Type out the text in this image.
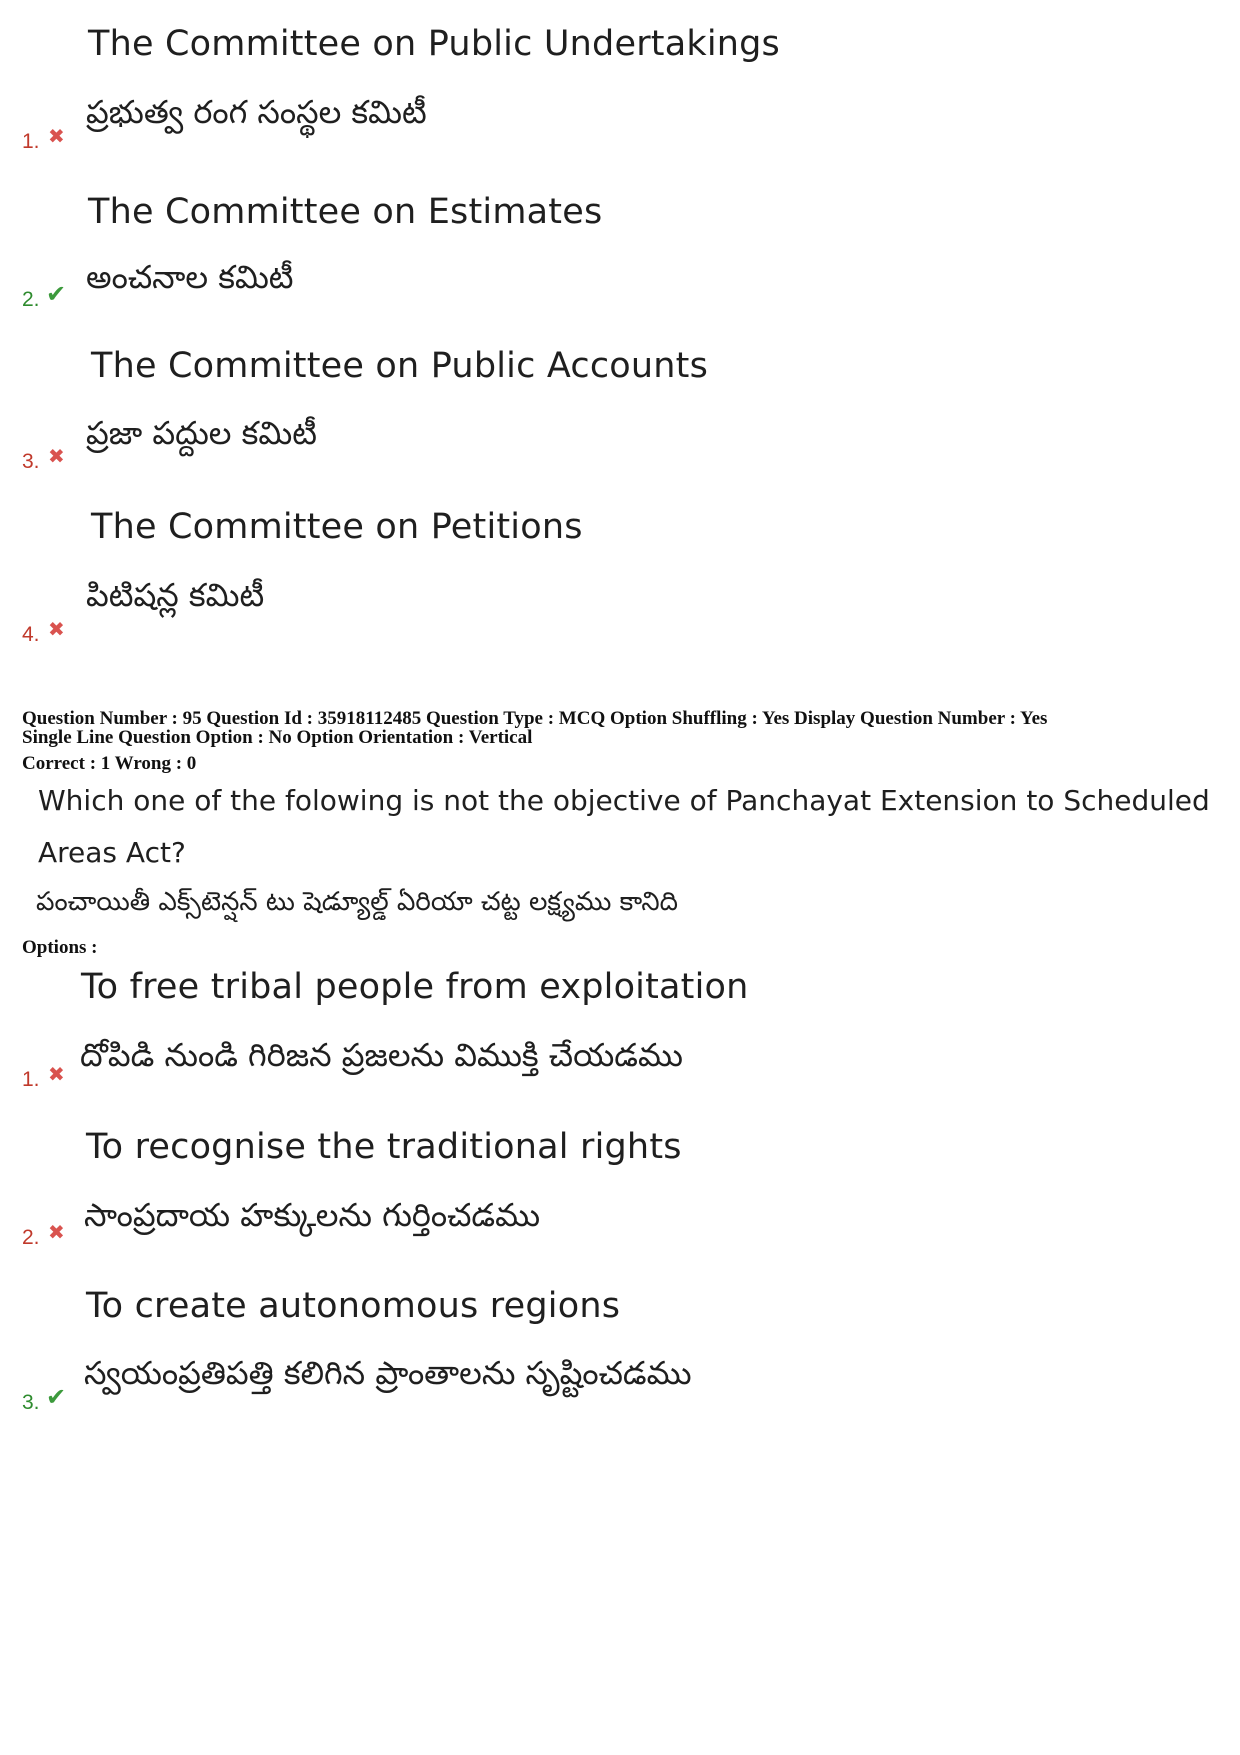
The Committee on Public Undertakings
ప్రభుత్వ రంగ సంస్థల కమిటీ
1. ✖
The Committee on Estimates
అంచనాల కమిటీ
2. ✔
The Committee on Public Accounts
ప్రజా పద్దుల కమిటీ
3. ✖
The Committee on Petitions
పిటిషన్ల కమిటీ
4. ✖
Question Number : 95 Question Id : 35918112485 Question Type : MCQ Option Shuffling : Yes Display Question Number : Yes
Single Line Question Option : No Option Orientation : Vertical
Correct : 1 Wrong : 0
Which one of the folowing is not the objective of Panchayat Extension to Scheduled
Areas Act?
పంచాయితీ ఎక్స్‌టెన్షన్ టు షెడ్యూల్డ్ ఏరియా చట్ట లక్ష్యము కానిది
Options :
To free tribal people from exploitation
దోపిడి నుండి గిరిజన ప్రజలను విముక్తి చేయడము
1. ✖
To recognise the traditional rights
సాంప్రదాయ హక్కులను గుర్తించడము
2. ✖
To create autonomous regions
స్వయంప్రతిపత్తి కలిగిన ప్రాంతాలను సృష్టించడము
3. ✔
